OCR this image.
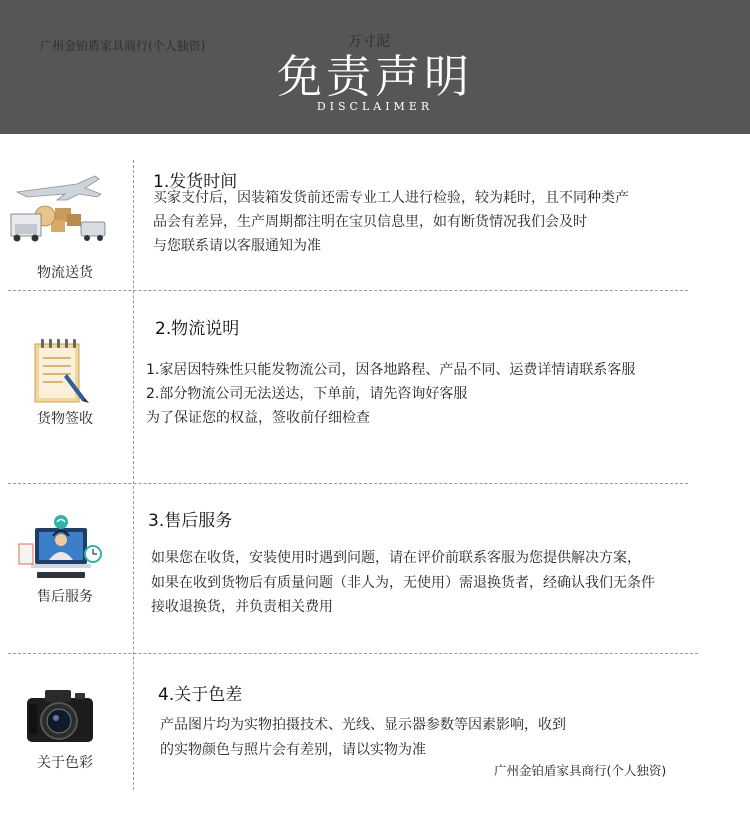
广州金铂盾家具商行(个人独资)	万寸泥
免责声明
DISCLAIMER
物流送货
1.发货时间
买家支付后，因装箱发货前还需专业工人进行检验，较为耗时，且不同种类产
品会有差异，生产周期都注明在宝贝信息里，如有断货情况我们会及时
与您联系请以客服通知为准
货物签收
2.物流说明
1.家居因特殊性只能发物流公司，因各地路程、产品不同、运费详情请联系客服
2.部分物流公司无法送达，下单前，请先咨询好客服
为了保证您的权益，签收前仔细检查
售后服务
3.售后服务
如果您在收货，安装使用时遇到问题，请在评价前联系客服为您提供解决方案，
如果在收到货物后有质量问题（非人为，无使用）需退换货者，经确认我们无条件
接收退换货，并负责相关费用
关于色彩
4.关于色差
产品图片均为实物拍摄技术、光线、显示器参数等因素影响，收到
的实物颜色与照片会有差别，请以实物为准
广州金铂盾家具商行(个人独资)
